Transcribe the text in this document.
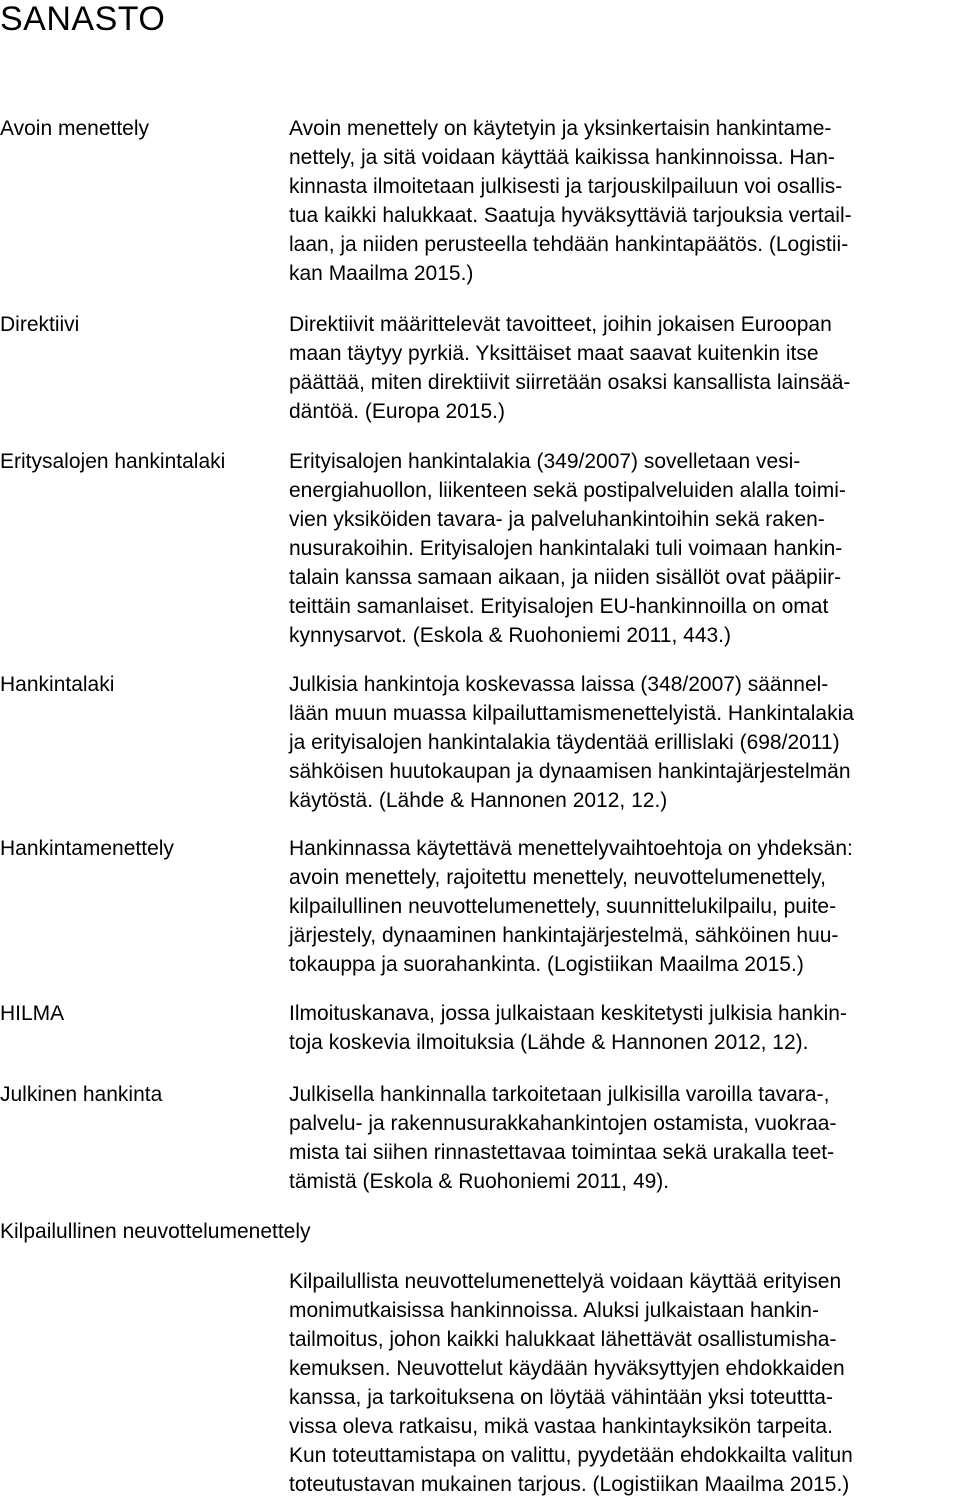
SANASTO
Avoin menettely	Avoin menettely on käytetyin ja yksinkertaisin hankintame-
nettely, ja sitä voidaan käyttää kaikissa hankinnoissa. Han-
kinnasta ilmoitetaan julkisesti ja tarjouskilpailuun voi osallis-
tua kaikki halukkaat. Saatuja hyväksyttäviä tarjouksia vertail-
laan, ja niiden perusteella tehdään hankintapäätös. (Logistii-
kan Maailma 2015.)
Direktiivi	Direktiivit määrittelevät tavoitteet, joihin jokaisen Euroopan
maan täytyy pyrkiä. Yksittäiset maat saavat kuitenkin itse
päättää, miten direktiivit siirretään osaksi kansallista lainsää-
däntöä. (Europa 2015.)
Eritysalojen hankintalaki	Erityisalojen hankintalakia (349/2007) sovelletaan vesi-
energiahuollon, liikenteen sekä postipalveluiden alalla toimi-
vien yksiköiden tavara- ja palveluhankintoihin sekä raken-
nusurakoihin. Erityisalojen hankintalaki tuli voimaan hankin-
talain kanssa samaan aikaan, ja niiden sisällöt ovat pääpiir-
teittäin samanlaiset. Erityisalojen EU-hankinnoilla on omat
kynnysarvot. (Eskola & Ruohoniemi 2011, 443.)
Hankintalaki	Julkisia hankintoja koskevassa laissa (348/2007) säännel-
lään muun muassa kilpailuttamismenettelyistä. Hankintalakia
ja erityisalojen hankintalakia täydentää erillislaki (698/2011)
sähköisen huutokaupan ja dynaamisen hankintajärjestelmän
käytöstä. (Lähde & Hannonen 2012, 12.)
Hankintamenettely	Hankinnassa käytettävä menettelyvaihtoehtoja on yhdeksän:
avoin menettely, rajoitettu menettely, neuvottelumenettely,
kilpailullinen neuvottelumenettely, suunnittelukilpailu, puite-
järjestely, dynaaminen hankintajärjestelmä, sähköinen huu-
tokauppa ja suorahankinta. (Logistiikan Maailma 2015.)
HILMA	Ilmoituskanava, jossa julkaistaan keskitetysti julkisia hankin-
toja koskevia ilmoituksia (Lähde & Hannonen 2012, 12).
Julkinen hankinta	Julkisella hankinnalla tarkoitetaan julkisilla varoilla tavara-,
palvelu- ja rakennusurakkahankintojen ostamista, vuokraa-
mista tai siihen rinnastettavaa toimintaa sekä urakalla teet-
tämistä (Eskola & Ruohoniemi 2011, 49).
Kilpailullinen neuvottelumenettely
Kilpailullista neuvottelumenettelyä voidaan käyttää erityisen
monimutkaisissa hankinnoissa. Aluksi julkaistaan hankin-
tailmoitus, johon kaikki halukkaat lähettävät osallistumisha-
kemuksen. Neuvottelut käydään hyväksyttyjen ehdokkaiden
kanssa, ja tarkoituksena on löytää vähintään yksi toteuttta-
vissa oleva ratkaisu, mikä vastaa hankintayksikön tarpeita.
Kun toteuttamistapa on valittu, pyydetään ehdokkailta valitun
toteutustavan mukainen tarjous. (Logistiikan Maailma 2015.)
